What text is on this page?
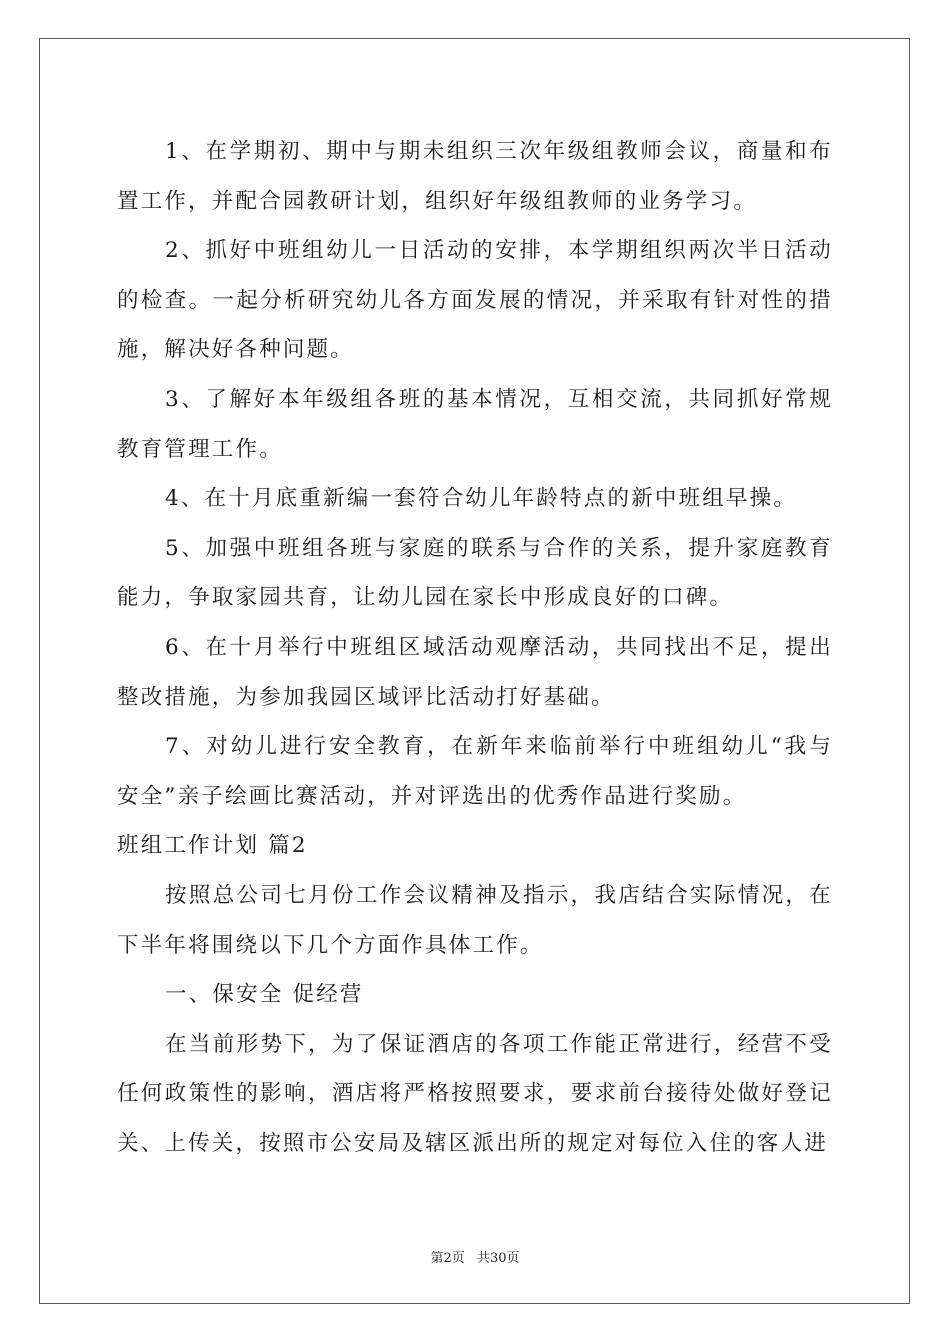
1、在学期初、期中与期未组织三次年级组教师会议，商量和布置工作，并配合园教研计划，组织好年级组教师的业务学习。

2、抓好中班组幼儿一日活动的安排，本学期组织两次半日活动的检查。一起分析研究幼儿各方面发展的情况，并采取有针对性的措施，解决好各种问题。

3、了解好本年级组各班的基本情况，互相交流，共同抓好常规教育管理工作。

4、在十月底重新编一套符合幼儿年龄特点的新中班组早操。

5、加强中班组各班与家庭的联系与合作的关系，提升家庭教育能力，争取家园共育，让幼儿园在家长中形成良好的口碑。

6、在十月举行中班组区域活动观摩活动，共同找出不足，提出整改措施，为参加我园区域评比活动打好基础。

7、对幼儿进行安全教育，在新年来临前举行中班组幼儿“我与安全”亲子绘画比赛活动，并对评选出的优秀作品进行奖励。

班组工作计划 篇2

按照总公司七月份工作会议精神及指示，我店结合实际情况，在下半年将围绕以下几个方面作具体工作。

一、保安全 促经营

在当前形势下，为了保证酒店的各项工作能正常进行，经营不受任何政策性的影响，酒店将严格按照要求，要求前台接待处做好登记关、上传关，按照市公安局及辖区派出所的规定对每位入住的客人进

第2页 共30页
